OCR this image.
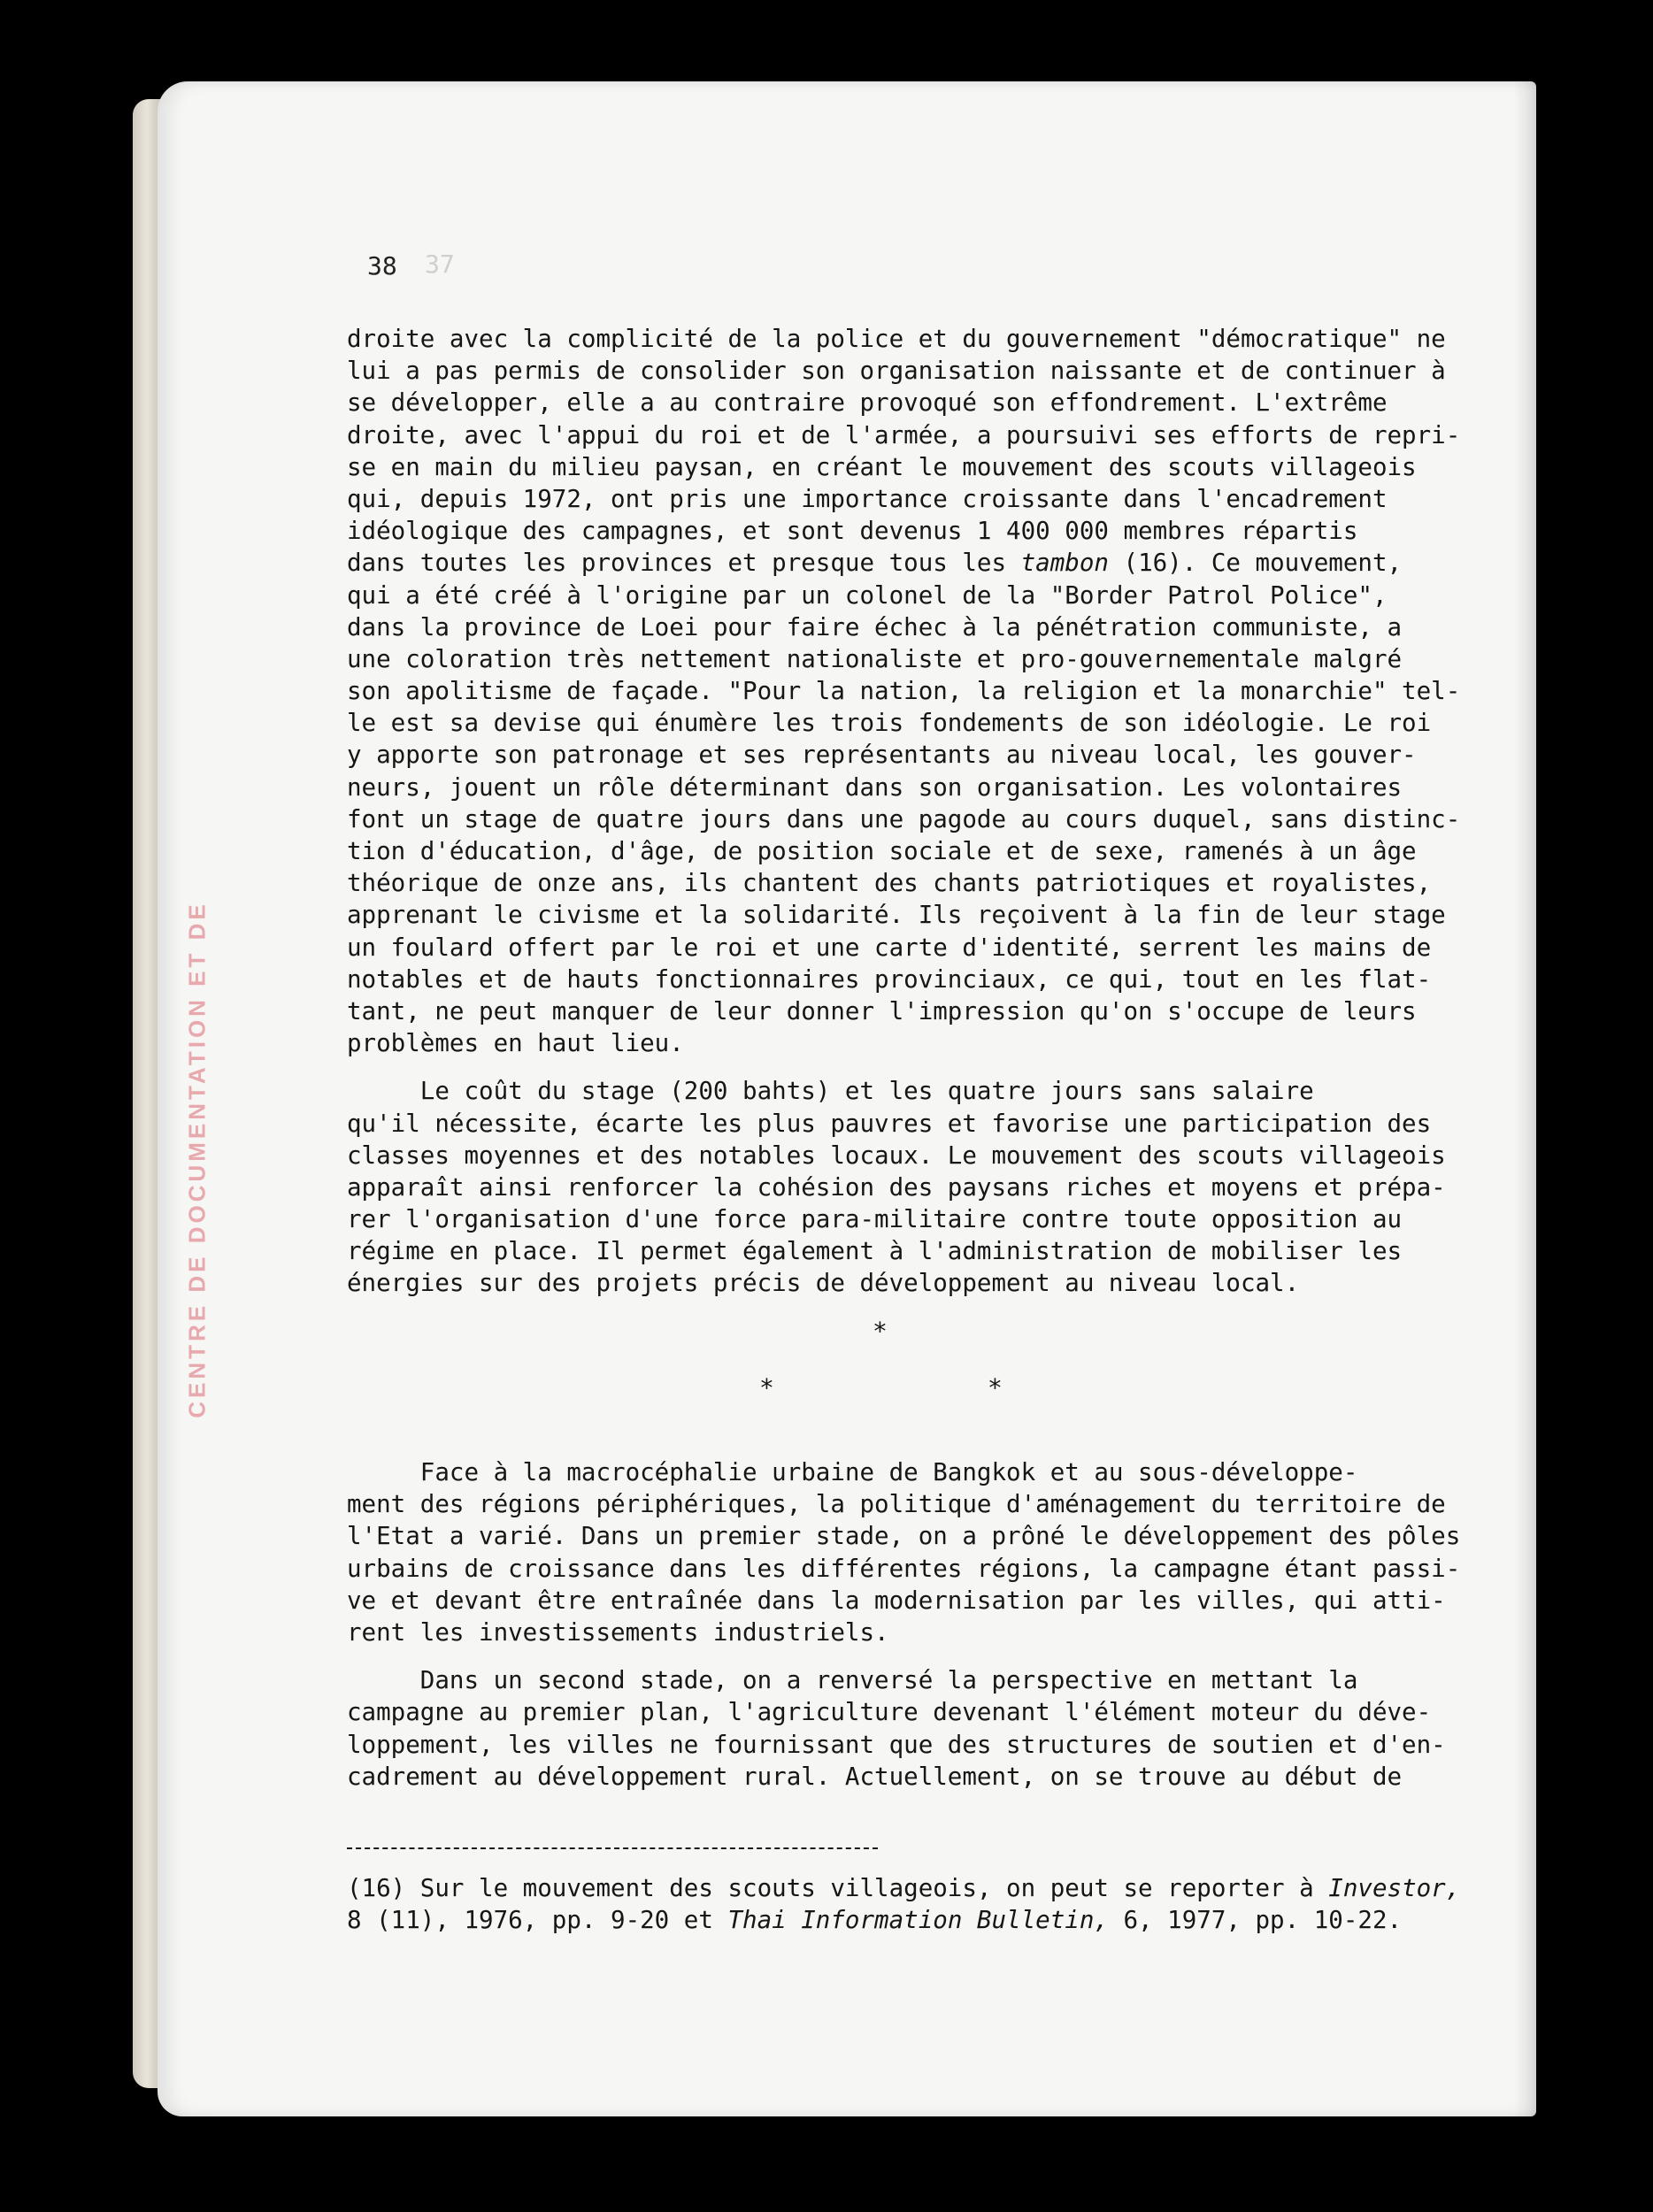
CENTRE DE DOCUMENTATION ET DE
38 37
droite avec la complicité de la police et du gouvernement "démocratique" ne
lui a pas permis de consolider son organisation naissante et de continuer à
se développer, elle a au contraire provoqué son effondrement. L'extrême
droite, avec l'appui du roi et de l'armée, a poursuivi ses efforts de repri-
se en main du milieu paysan, en créant le mouvement des scouts villageois
qui, depuis 1972, ont pris une importance croissante dans l'encadrement
idéologique des campagnes, et sont devenus 1 400 000 membres répartis
dans toutes les provinces et presque tous les tambon (16). Ce mouvement,
qui a été créé à l'origine par un colonel de la "Border Patrol Police",
dans la province de Loei pour faire échec à la pénétration communiste, a
une coloration très nettement nationaliste et pro-gouvernementale malgré
son apolitisme de façade. "Pour la nation, la religion et la monarchie" tel-
le est sa devise qui énumère les trois fondements de son idéologie. Le roi
y apporte son patronage et ses représentants au niveau local, les gouver-
neurs, jouent un rôle déterminant dans son organisation. Les volontaires
font un stage de quatre jours dans une pagode au cours duquel, sans distinc-
tion d'éducation, d'âge, de position sociale et de sexe, ramenés à un âge
théorique de onze ans, ils chantent des chants patriotiques et royalistes,
apprenant le civisme et la solidarité. Ils reçoivent à la fin de leur stage
un foulard offert par le roi et une carte d'identité, serrent les mains de
notables et de hauts fonctionnaires provinciaux, ce qui, tout en les flat-
tant, ne peut manquer de leur donner l'impression qu'on s'occupe de leurs
problèmes en haut lieu.
Le coût du stage (200 bahts) et les quatre jours sans salaire
qu'il nécessite, écarte les plus pauvres et favorise une participation des
classes moyennes et des notables locaux. Le mouvement des scouts villageois
apparaît ainsi renforcer la cohésion des paysans riches et moyens et prépa-
rer l'organisation d'une force para-militaire contre toute opposition au
régime en place. Il permet également à l'administration de mobiliser les
énergies sur des projets précis de développement au niveau local.
*
*	*
Face à la macrocéphalie urbaine de Bangkok et au sous-développe-
ment des régions périphériques, la politique d'aménagement du territoire de
l'Etat a varié. Dans un premier stade, on a prôné le développement des pôles
urbains de croissance dans les différentes régions, la campagne étant passi-
ve et devant être entraînée dans la modernisation par les villes, qui atti-
rent les investissements industriels.
Dans un second stade, on a renversé la perspective en mettant la
campagne au premier plan, l'agriculture devenant l'élément moteur du déve-
loppement, les villes ne fournissant que des structures de soutien et d'en-
cadrement au développement rural. Actuellement, on se trouve au début de
(16) Sur le mouvement des scouts villageois, on peut se reporter à Investor,
8 (11), 1976, pp. 9-20 et Thai Information Bulletin, 6, 1977, pp. 10-22.
